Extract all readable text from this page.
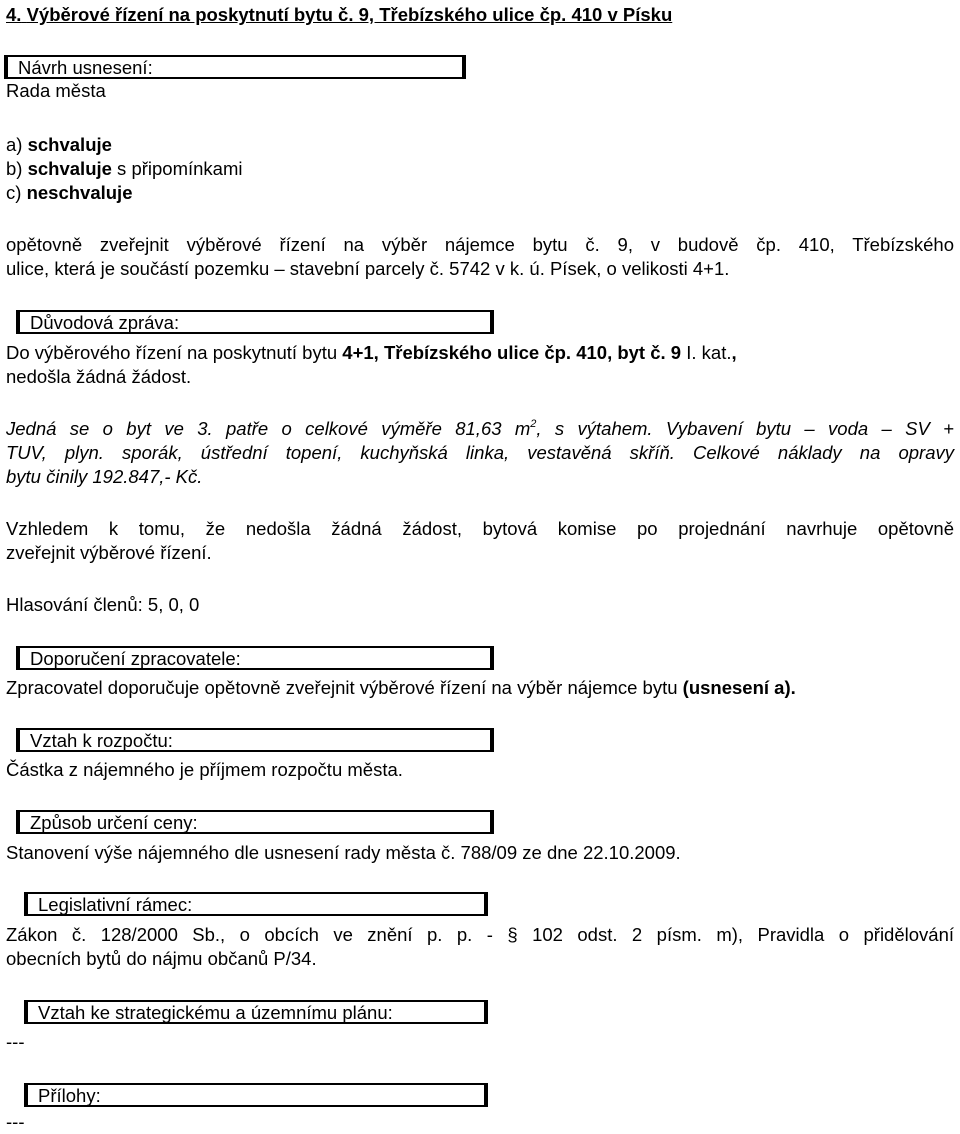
4. Výběrové řízení na poskytnutí bytu č. 9, Třebízského ulice čp. 410 v Písku
Návrh usnesení:
Rada města
a) schvaluje
b) schvaluje s připomínkami
c) neschvaluje
opětovně zveřejnit výběrové řízení na výběr nájemce bytu č. 9, v budově čp. 410, Třebízského
ulice, která je součástí pozemku – stavební parcely č. 5742 v k. ú. Písek, o velikosti 4+1.
Důvodová zpráva:
Do výběrového řízení na poskytnutí bytu 4+1, Třebízského ulice čp. 410, byt č. 9 I. kat.,
nedošla žádná žádost.
Jedná se o byt ve 3. patře o celkové výměře 81,63 $m^2$, s výtahem. Vybavení bytu – voda – SV +
TUV, plyn. sporák, ústřední topení, kuchyňská linka, vestavěná skříň. Celkové náklady na opravy
bytu činily 192.847,- Kč.
Vzhledem k tomu, že nedošla žádná žádost, bytová komise po projednání navrhuje opětovně
zveřejnit výběrové řízení.
Hlasování členů: 5, 0, 0
Doporučení zpracovatele:
Zpracovatel doporučuje opětovně zveřejnit výběrové řízení na výběr nájemce bytu (usnesení a).
Vztah k rozpočtu:
Částka z nájemného je příjmem rozpočtu města.
Způsob určení ceny:
Stanovení výše nájemného dle usnesení rady města č. 788/09 ze dne 22.10.2009.
Legislativní rámec:
Zákon č. 128/2000 Sb., o obcích ve znění p. p. - § 102 odst. 2 písm. m), Pravidla o přidělování
obecních bytů do nájmu občanů P/34.
Vztah ke strategickému a územnímu plánu:
---
Přílohy:
---
